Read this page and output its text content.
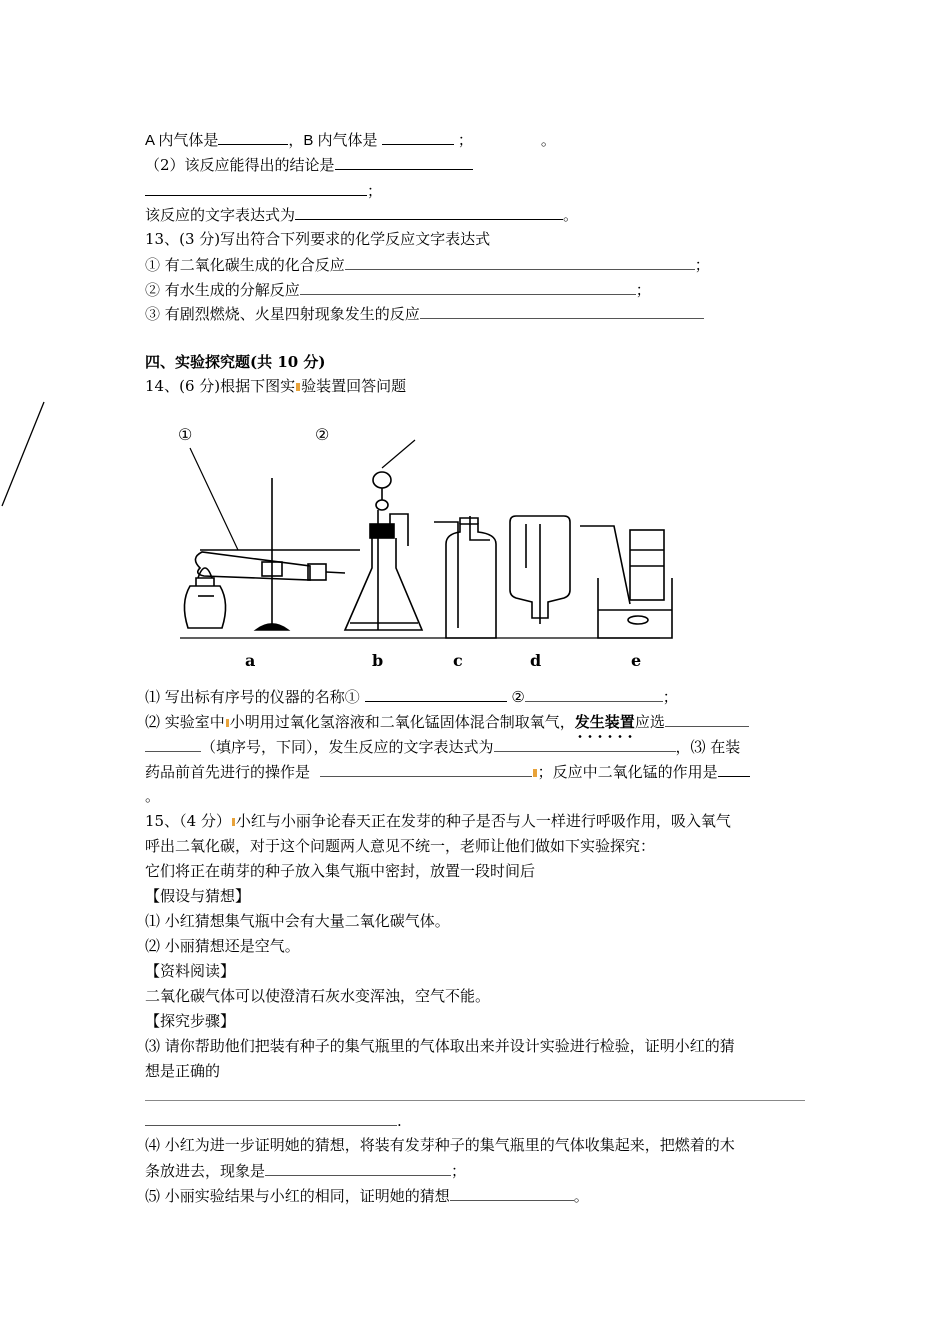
A 内气体是	，B 内气体是	；	。
（2）该反应能得出的结论是
；
该反应的文字表达式为	。
13、(3 分)写出符合下列要求的化学反应文字表达式
① 有二氧化碳生成的化合反应	；
② 有水生成的分解反应	；
③ 有剧烈燃烧、火星四射现象发生的反应
四、实验探究题(共 10 分)
14、(6 分)根据下图实 验装置回答问题
①	②
a	b	c	d	e
⑴ 写出标有序号的仪器的名称①	②	；
⑵ 实验室中 小明用过氧化氢溶液和二氧化锰固体混合制取氧气，发生装置
应选
（填序号，下同），发生反应的文字表达式为	，⑶ 在装
药品前首先进行的操作是	；反应中二氧化锰的作用是
。
15、（4 分） 小红与小丽争论春天正在发芽的种子是否与人一样进行呼吸作用，吸入氧气
呼出二氧化碳，对于这个问题两人意见不统一，老师让他们做如下实验探究：
它们将正在萌芽的种子放入集气瓶中密封，放置一段时间后
【假设与猜想】
⑴ 小红猜想集气瓶中会有大量二氧化碳气体。
⑵ 小丽猜想还是空气。
【资料阅读】
二氧化碳气体可以使澄清石灰水变浑浊，空气不能。
【探究步骤】
⑶ 请你帮助他们把装有种子的集气瓶里的气体取出来并设计实验进行检验，证明小红的猜
想是正确的
.
⑷ 小红为进一步证明她的猜想，将装有发芽种子的集气瓶里的气体收集起来，把燃着的木
条放进去，现象是	；
⑸ 小丽实验结果与小红的相同，证明她的猜想	。
